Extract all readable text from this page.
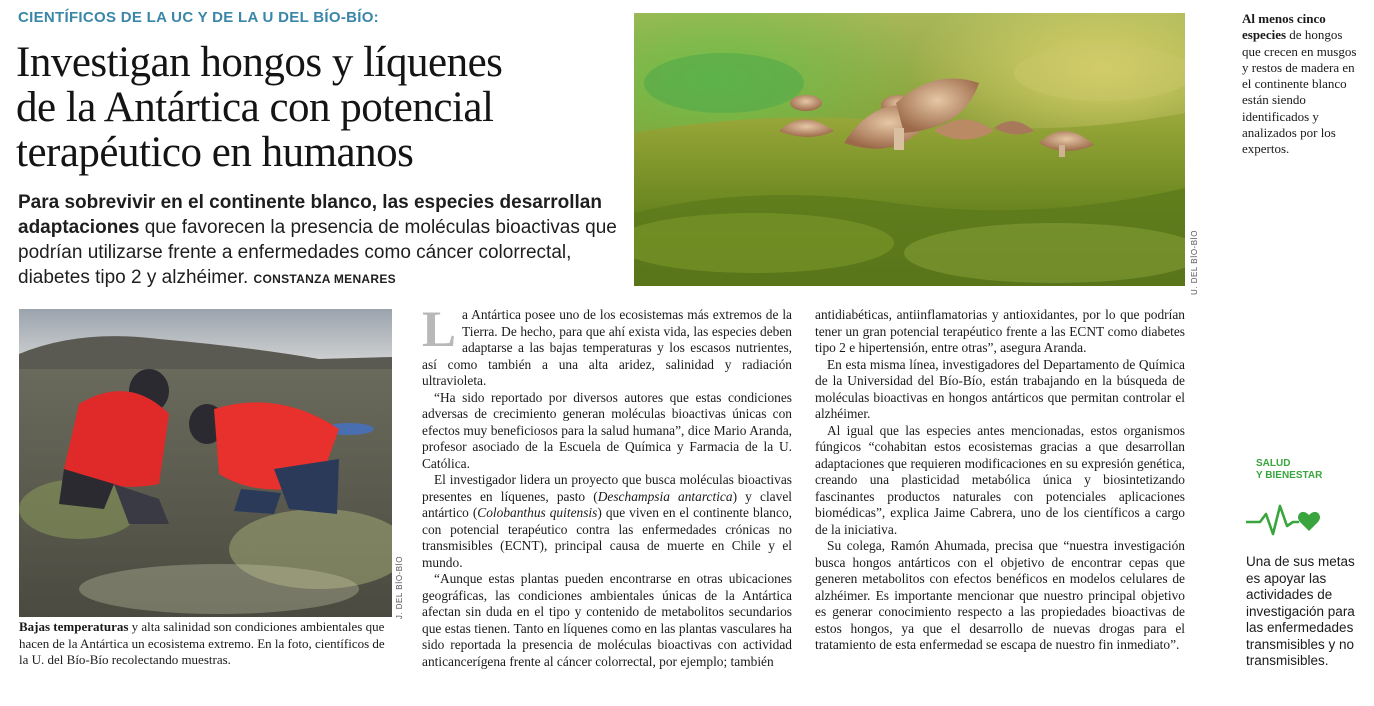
CIENTÍFICOS DE LA UC Y DE LA U DEL BÍO-BÍO:
Investigan hongos y líquenes
de la Antártica con potencial
terapéutico en humanos
Para sobrevivir en el continente blanco, las especies desarrollan adaptaciones que favorecen la presencia de moléculas bioactivas que podrían utilizarse frente a enfermedades como cáncer colorrectal, diabetes tipo 2 y alzhéimer. CONSTANZA MENARES	U. DEL BÍO-BÍO
Al menos cinco especies de hongos que crecen en musgos y restos de madera en el continente blanco están siendo identificados y analizados por los expertos.
J. DEL BÍO-BÍO
Bajas temperaturas y alta salinidad son condiciones ambientales que hacen de la Antártica un ecosistema extremo. En la foto, científicos de la U. del Bío-Bío recolectando muestras.

La Antártica posee uno de los ecosistemas más extremos de la Tierra. De hecho, para que ahí exista vida, las especies deben adaptarse a las bajas temperaturas y los escasos nutrientes, así como también a una alta aridez, salinidad y radiación ultravioleta.

“Ha sido reportado por diversos autores que estas condiciones adversas de crecimiento generan moléculas bioactivas únicas con efectos muy beneficiosos para la salud humana”, dice Mario Aranda, profesor asociado de la Escuela de Química y Farmacia de la U. Católica.

El investigador lidera un proyecto que busca moléculas bioactivas presentes en líquenes, pasto (Deschampsia antarctica) y clavel antártico (Colobanthus quitensis) que viven en el continente blanco, con potencial terapéutico contra las enfermedades crónicas no transmisibles (ECNT), principal causa de muerte en Chile y el mundo.

“Aunque estas plantas pueden encontrarse en otras ubicaciones geográficas, las condiciones ambientales únicas de la Antártica afectan sin duda en el tipo y contenido de metabolitos secundarios que estas tienen. Tanto en líquenes como en las plantas vasculares ha sido reportada la presencia de moléculas bioactivas con actividad anticancerígena frente al cáncer colorrectal, por ejemplo; también

antidiabéticas, antiinflamatorias y antioxidantes, por lo que podrían tener un gran potencial terapéutico frente a las ECNT como diabetes tipo 2 e hipertensión, entre otras”, asegura Aranda.

En esta misma línea, investigadores del Departamento de Química de la Universidad del Bío-Bío, están trabajando en la búsqueda de moléculas bioactivas en hongos antárticos que permitan controlar el alzhéimer.

Al igual que las especies antes mencionadas, estos organismos fúngicos “cohabitan estos ecosistemas gracias a que desarrollan adaptaciones que requieren modificaciones en su expresión genética, creando una plasticidad metabólica única y biosintetizando fascinantes productos naturales con potenciales aplicaciones biomédicas”, explica Jaime Cabrera, uno de los científicos a cargo de la iniciativa.

Su colega, Ramón Ahumada, precisa que “nuestra investigación busca hongos antárticos con el objetivo de encontrar cepas que generen metabolitos con efectos benéficos en modelos celulares de alzhéimer. Es importante mencionar que nuestro principal objetivo es generar conocimiento respecto a las propiedades bioactivas de estos hongos, ya que el desarrollo de nuevas drogas para el tratamiento de esta enfermedad se escapa de nuestro fin inmediato”.

SALUD
Y BIENESTAR
Una de sus metas es apoyar las actividades de investigación para las enfermedades transmisibles y no transmisibles.
